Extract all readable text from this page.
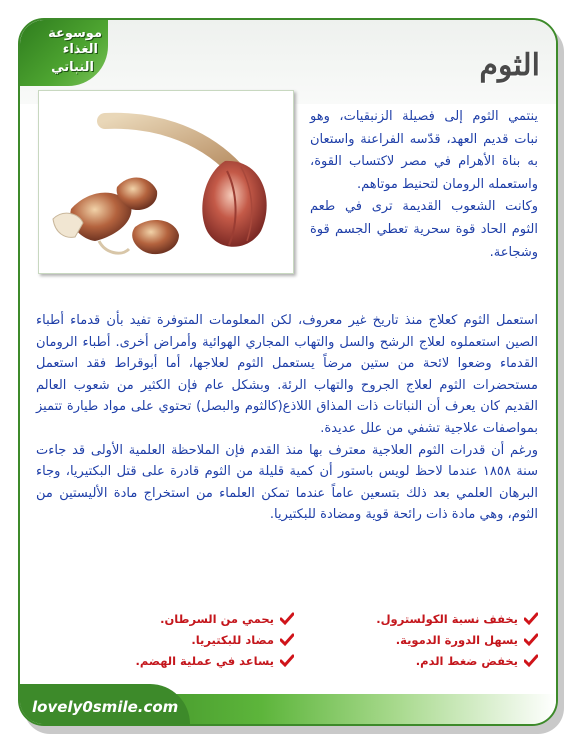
موسوعة
الغذاء
النباتي	الثوم

ينتمي الثوم إلى فصيلة الزنبقيات، وهو نبات قديم العهد، قدّسه الفراعنة واستعان به بناة الأهرام في مصر لاكتساب القوة، واستعمله الرومان لتحنيط موتاهم.

وكانت الشعوب القديمة ترى في طعم الثوم الحاد قوة سحرية تعطي الجسم قوة وشجاعة.

استعمل الثوم كعلاج منذ تاريخ غير معروف، لكن المعلومات المتوفرة تفيد بأن قدماء أطباء الصين استعملوه لعلاج الرشح والسل والتهاب المجاري الهوائية وأمراض أخرى. أطباء الرومان القدماء وضعوا لائحة من ستين مرضاً يستعمل الثوم لعلاجها، أما أبوقراط فقد استعمل مستحضرات الثوم لعلاج الجروح والتهاب الرئة. وبشكل عام فإن الكثير من شعوب العالم القديم كان يعرف أن النباتات ذات المذاق اللاذع(كالثوم والبصل) تحتوي على مواد طيارة تتميز بمواصفات علاجية تشفي من علل عديدة.

ورغم أن قدرات الثوم العلاجية معترف بها منذ القدم فإن الملاحظة العلمية الأولى قد جاءت سنة ١٨٥٨ عندما لاحظ لويس باستور أن كمية قليلة من الثوم قادرة على قتل البكتيريا، وجاء البرهان العلمي بعد ذلك بتسعين عاماً عندما تمكن العلماء من استخراج مادة الأليستين من الثوم، وهي مادة ذات رائحة قوية ومضادة للبكتيريا.

يخفف نسبة الكولسترول.
يسهل الدورة الدموية.
يخفض ضغط الدم.
يحمي من السرطان.
مضاد للبكتيريا.
يساعد في عملية الهضم.
lovely0smile.com
